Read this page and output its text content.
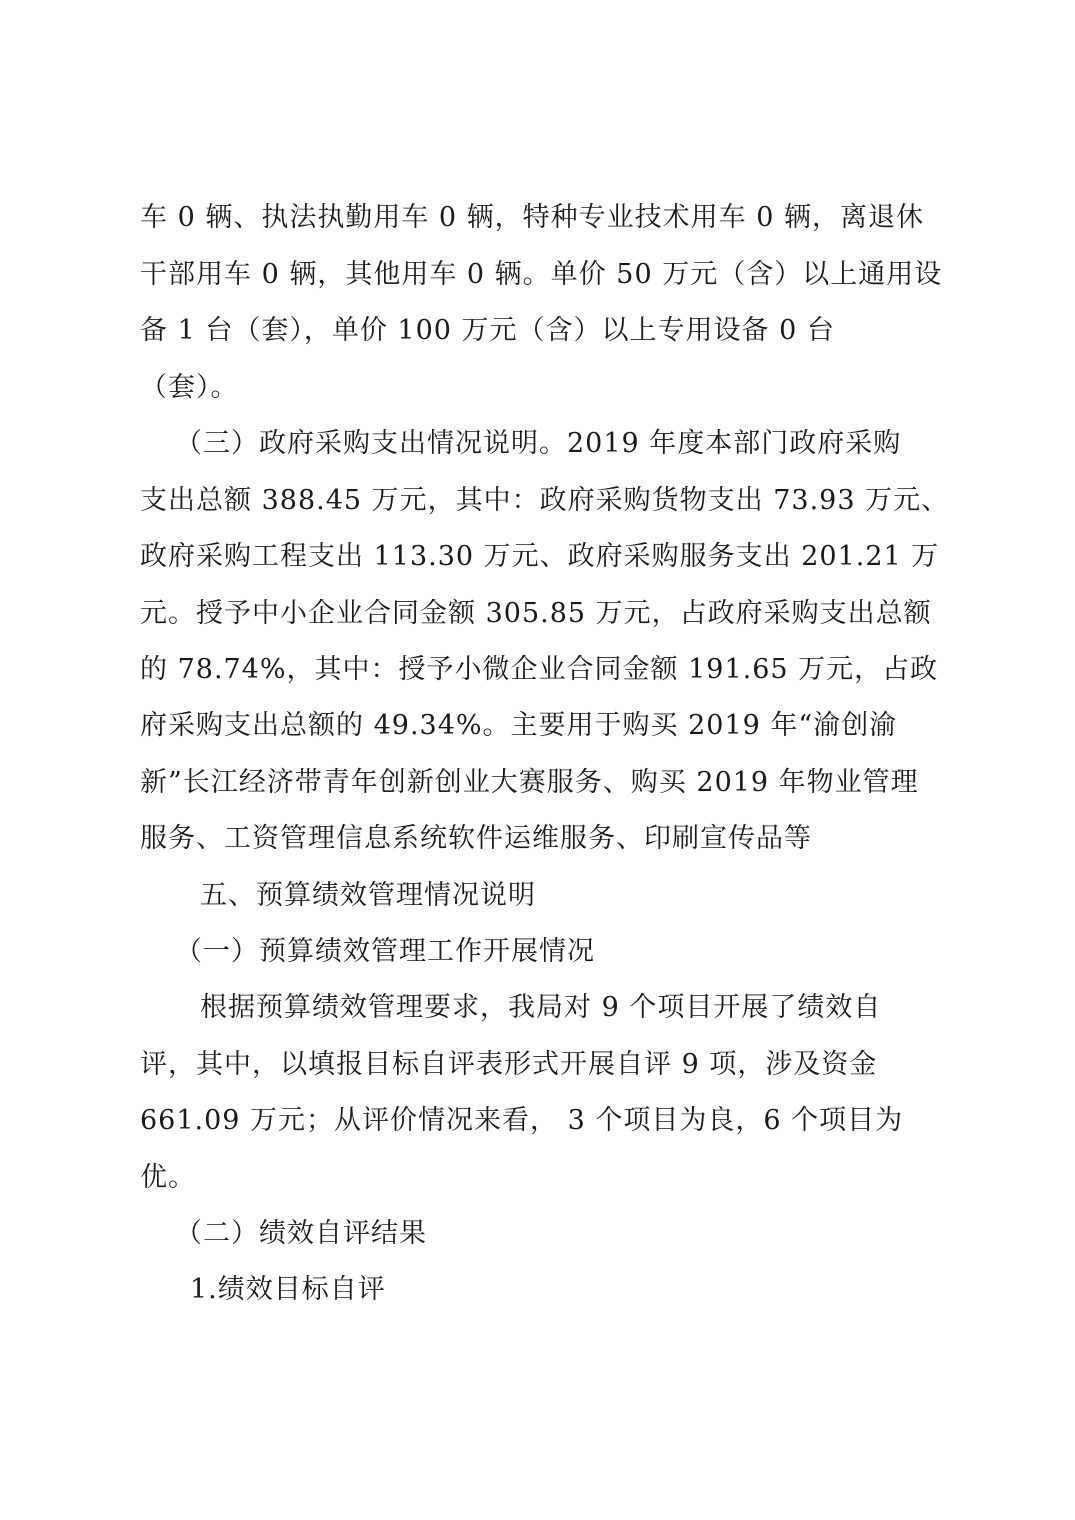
车 0 辆、执法执勤用车 0 辆，特种专业技术用车 0 辆，离退休
干部用车 0 辆，其他用车 0 辆。单价 50 万元（含）以上通用设
备 1 台（套），单价 100 万元（含）以上专用设备 0 台
（套）。
（三）政府采购支出情况说明。2019 年度本部门政府采购
支出总额 388.45 万元，其中：政府采购货物支出 73.93 万元、
政府采购工程支出 113.30 万元、政府采购服务支出 201.21 万
元。授予中小企业合同金额 305.85 万元，占政府采购支出总额
的 78.74%，其中：授予小微企业合同金额 191.65 万元，占政
府采购支出总额的 49.34%。主要用于购买 2019 年“渝创渝
新”长江经济带青年创新创业大赛服务、购买 2019 年物业管理
服务、工资管理信息系统软件运维服务、印刷宣传品等
五、预算绩效管理情况说明
（一）预算绩效管理工作开展情况
根据预算绩效管理要求，我局对 9 个项目开展了绩效自
评，其中，以填报目标自评表形式开展自评 9 项，涉及资金
661.09 万元；从评价情况来看， 3 个项目为良，6 个项目为
优。
（二）绩效自评结果
1.绩效目标自评
